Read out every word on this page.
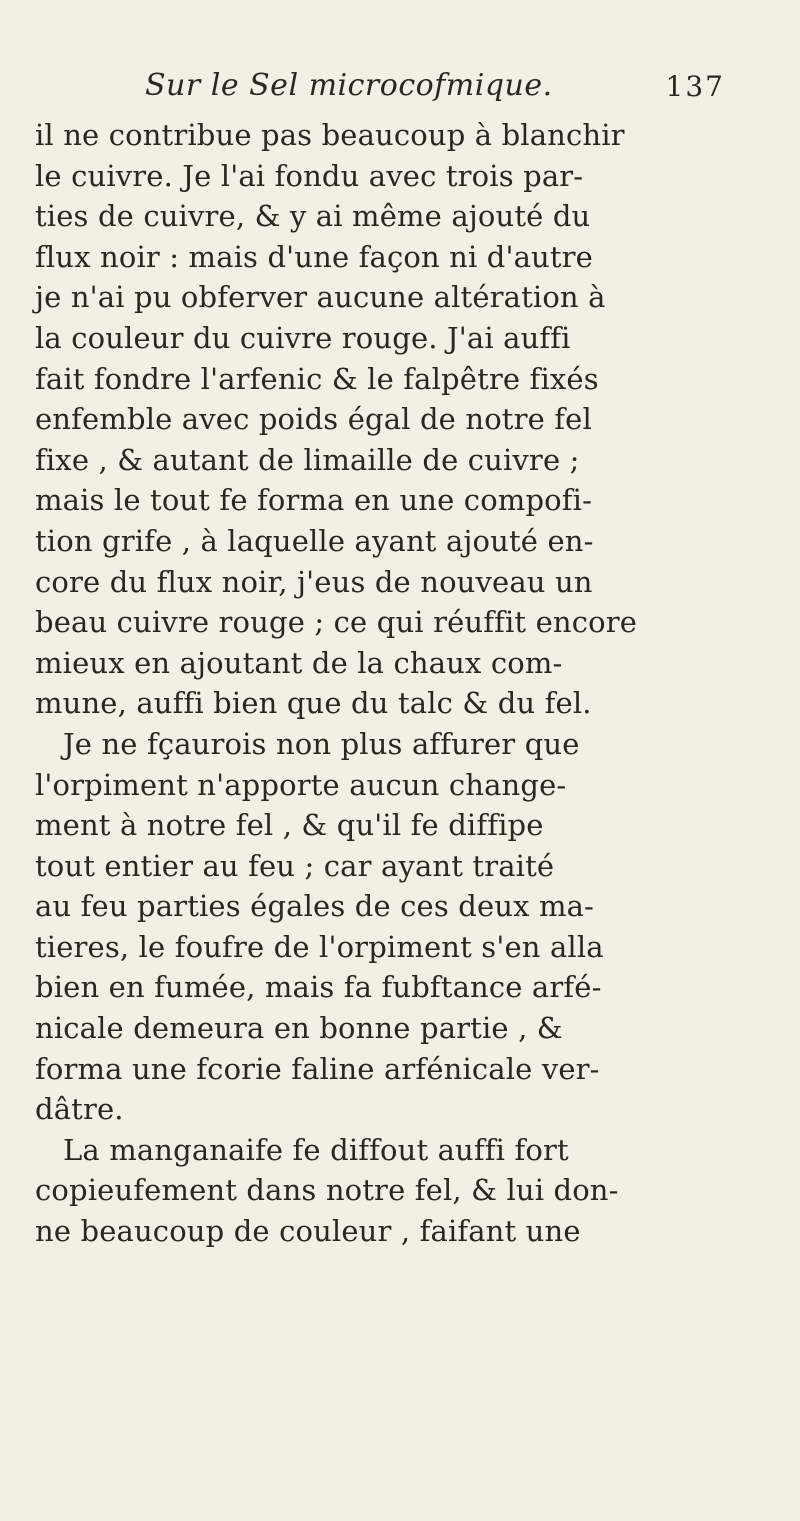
Sur le Sel microcofmique.	137
il ne contribue pas beaucoup à blanchir
le cuivre. Je l'ai fondu avec trois par-
ties de cuivre, & y ai même ajouté du
flux noir : mais d'une façon ni d'autre
je n'ai pu obferver aucune altération à
la couleur du cuivre rouge. J'ai auffi
fait fondre l'arfenic & le falpêtre fixés
enfemble avec poids égal de notre fel
fixe , & autant de limaille de cuivre ;
mais le tout fe forma en une compofi-
tion grife , à laquelle ayant ajouté en-
core du flux noir, j'eus de nouveau un
beau cuivre rouge ; ce qui réuffit encore
mieux en ajoutant de la chaux com-
mune, auffi bien que du talc & du fel.
Je ne fçaurois non plus affurer que
l'orpiment n'apporte aucun change-
ment à notre fel , & qu'il fe diffipe
tout entier au feu ; car ayant traité
au feu parties égales de ces deux ma-
tieres, le foufre de l'orpiment s'en alla
bien en fumée, mais fa fubftance arfé-
nicale demeura en bonne partie , &
forma une fcorie faline arfénicale ver-
dâtre.
La manganaife fe diffout auffi fort
copieufement dans notre fel, & lui don-
ne beaucoup de couleur , faifant une
